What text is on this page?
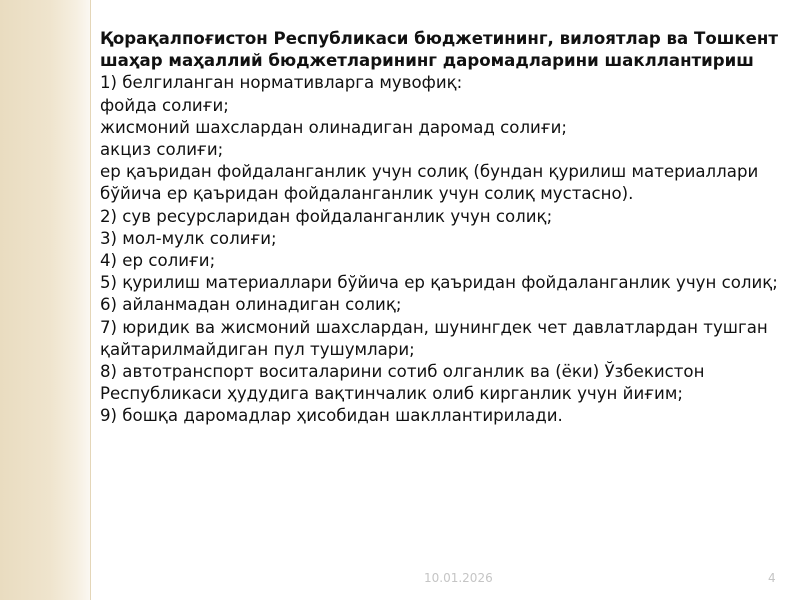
Қорақалпоғистон Республикаси бюджетининг, вилоятлар ва Тошкент шаҳар маҳаллий бюджетларининг даромадларини шакллантириш

1) белгиланган нормативларга мувофиқ:

фойда солиғи;

жисмоний шахслардан олинадиган даромад солиғи;

акциз солиғи;

ер қаъридан фойдаланганлик учун солиқ (бундан қурилиш материаллари бўйича ер қаъридан фойдаланганлик учун солиқ мустасно).

2) сув ресурсларидан фойдаланганлик учун солиқ;

3) мол-мулк солиғи;

4) ер солиғи;

5) қурилиш материаллари бўйича ер қаъридан фойдаланганлик учун солиқ;

6) айланмадан олинадиган солиқ;

7) юридик ва жисмоний шахслардан, шунингдек чет давлатлардан тушган қайтарилмайдиган пул тушумлари;

8) автотранспорт воситаларини сотиб олганлик ва (ёки) Ўзбекистон Республикаси ҳудудига вақтинчалик олиб кирганлик учун йиғим;

9) бошқа даромадлар ҳисобидан шакллантирилади.

10.01.2026	4
